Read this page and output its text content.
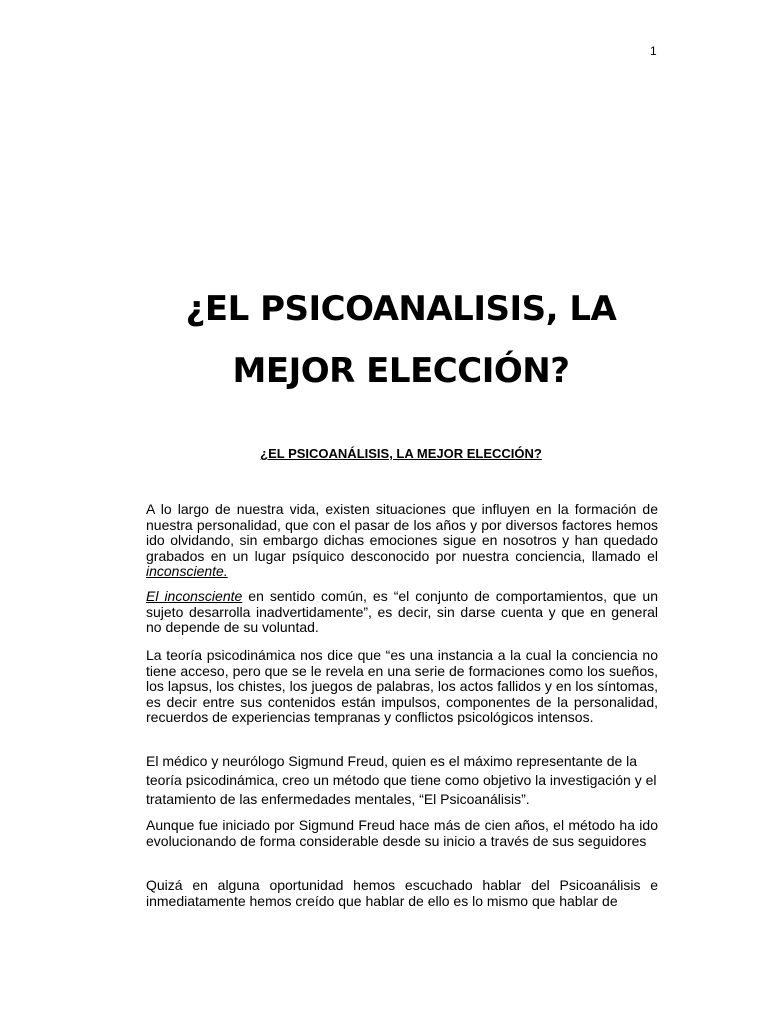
1
¿EL PSICOANALISIS, LA
MEJOR ELECCIÓN?
¿EL PSICOANÁLISIS, LA MEJOR ELECCIÓN?

A lo largo de nuestra vida, existen situaciones que influyen en la formación de nuestra personalidad, que con el pasar de los años y por diversos factores hemos ido olvidando, sin embargo dichas emociones sigue en nosotros y han quedado grabados en un lugar psíquico desconocido por nuestra conciencia, llamado el inconsciente.

El inconsciente en sentido común, es “el conjunto de comportamientos, que un sujeto desarrolla inadvertidamente”, es decir, sin darse cuenta y que en general no depende de su voluntad.

La teoría psicodinámica nos dice que “es una instancia a la cual la conciencia no tiene acceso, pero que se le revela en una serie de formaciones como los sueños, los lapsus, los chistes, los juegos de palabras, los actos fallidos y en los síntomas, es decir entre sus contenidos están impulsos, componentes de la personalidad, recuerdos de experiencias tempranas y conflictos psicológicos intensos.

El médico y neurólogo Sigmund Freud, quien es el máximo representante de la teoría psicodinámica, creo un método que tiene como objetivo la investigación y el tratamiento de las enfermedades mentales, “El Psicoanálisis”.

Aunque fue iniciado por Sigmund Freud hace más de cien años, el método ha ido evolucionando de forma considerable desde su inicio a través de sus seguidores

Quizá en alguna oportunidad hemos escuchado hablar del Psicoanálisis e inmediatamente hemos creído que hablar de ello es lo mismo que hablar de
